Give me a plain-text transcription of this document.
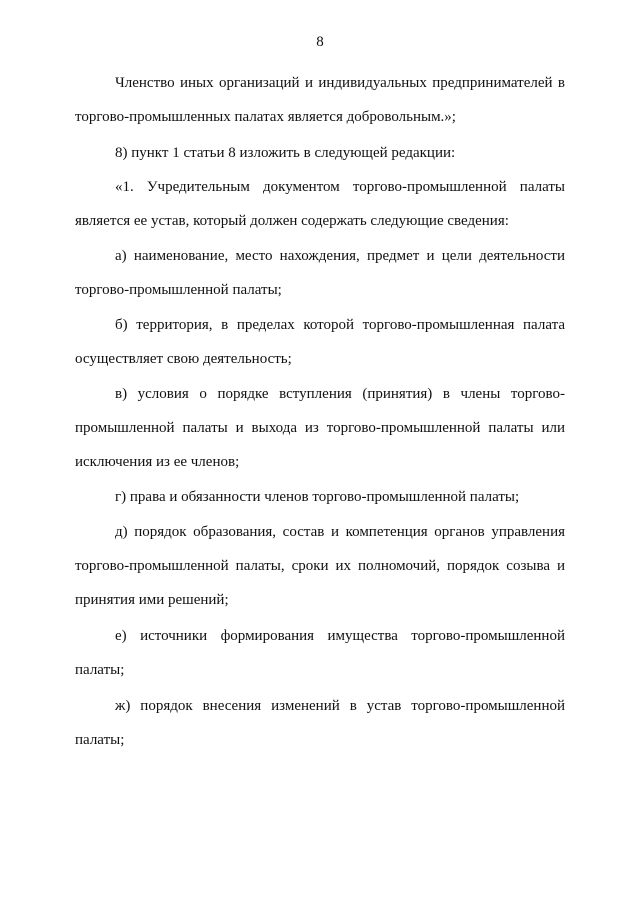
8
Членство иных организаций и индивидуальных предпринимателей в
торгово-промышленных палатах является добровольным.»;
8) пункт 1 статьи 8 изложить в следующей редакции:
«1. Учредительным документом торгово-промышленной палаты
является ее устав, который должен содержать следующие сведения:
а) наименование, место нахождения, предмет и цели деятельности
торгово-промышленной палаты;
б) территория, в пределах которой торгово-промышленная палата
осуществляет свою деятельность;
в) условия о порядке вступления (принятия) в члены торгово-
промышленной палаты и выхода из торгово-промышленной палаты или
исключения из ее членов;
г) права и обязанности членов торгово-промышленной палаты;
д) порядок образования, состав и компетенция органов управления
торгово-промышленной палаты, сроки их полномочий, порядок созыва и
принятия ими решений;
е) источники формирования имущества торгово-промышленной
палаты;
ж) порядок внесения изменений в устав торгово-промышленной
палаты;
